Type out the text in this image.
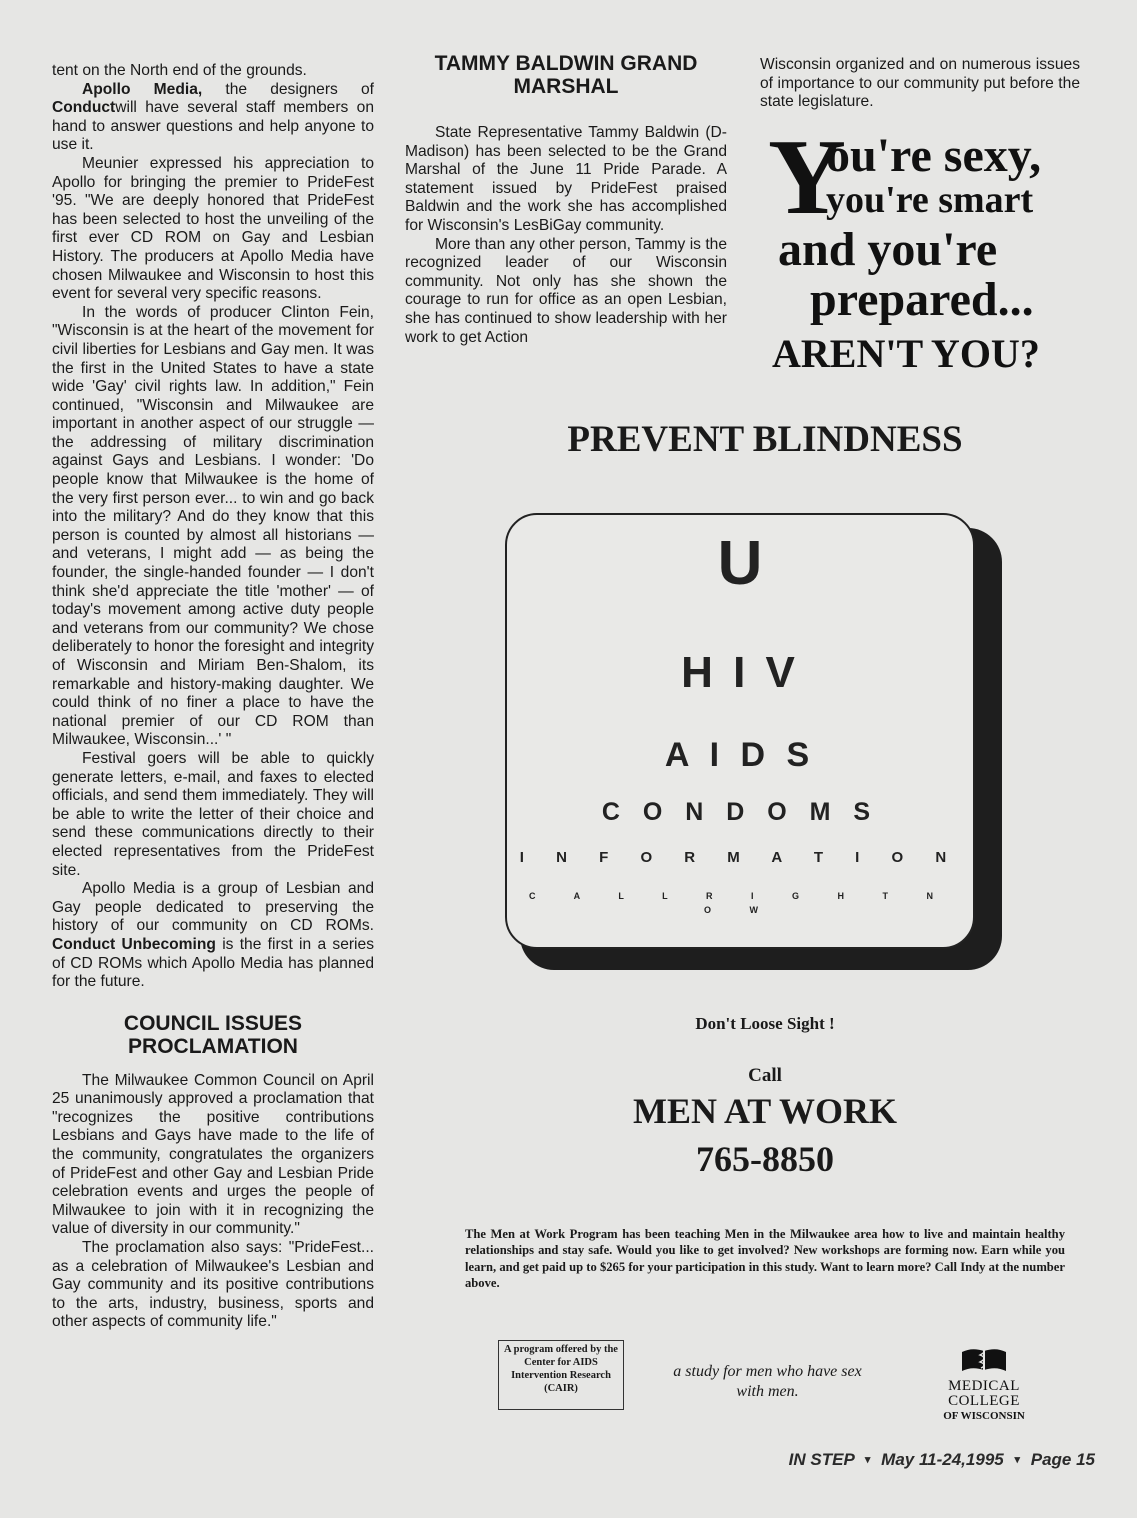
tent on the North end of the grounds.

Apollo Media, the designers of Conductwill have several staff members on hand to answer questions and help anyone to use it.

Meunier expressed his appreciation to Apollo for bringing the premier to PrideFest '95. "We are deeply honored that PrideFest has been selected to host the unveiling of the first ever CD ROM on Gay and Lesbian History. The producers at Apollo Media have chosen Milwaukee and Wisconsin to host this event for several very specific reasons.

In the words of producer Clinton Fein, "Wisconsin is at the heart of the movement for civil liberties for Lesbians and Gay men. It was the first in the United States to have a state wide 'Gay' civil rights law. In addition," Fein continued, "Wisconsin and Milwaukee are important in another aspect of our struggle — the addressing of military discrimination against Gays and Lesbians. I wonder: 'Do people know that Milwaukee is the home of the very first person ever... to win and go back into the military? And do they know that this person is counted by almost all historians — and veterans, I might add — as being the founder, the single-handed founder — I don't think she'd appreciate the title 'mother' — of today's movement among active duty people and veterans from our community? We chose deliberately to honor the foresight and integrity of Wisconsin and Miriam Ben-Shalom, its remarkable and history-making daughter. We could think of no finer a place to have the national premier of our CD ROM than Milwaukee, Wisconsin...' "

Festival goers will be able to quickly generate letters, e-mail, and faxes to elected officials, and send them immediately. They will be able to write the letter of their choice and send these communications directly to their elected representatives from the PrideFest site.

Apollo Media is a group of Lesbian and Gay people dedicated to preserving the history of our community on CD ROMs. Conduct Unbecoming is the first in a series of CD ROMs which Apollo Media has planned for the future.

COUNCIL ISSUES PROCLAMATION

The Milwaukee Common Council on April 25 unanimously approved a proclamation that "recognizes the positive contributions Lesbians and Gays have made to the life of the community, congratulates the organizers of PrideFest and other Gay and Lesbian Pride celebration events and urges the people of Milwaukee to join with it in recognizing the value of diversity in our community."

The proclamation also says: "PrideFest... as a celebration of Milwaukee's Lesbian and Gay community and its positive contributions to the arts, industry, business, sports and other aspects of community life."

TAMMY BALDWIN GRAND MARSHAL

State Representative Tammy Baldwin (D-Madison) has been selected to be the Grand Marshal of the June 11 Pride Parade. A statement issued by PrideFest praised Baldwin and the work she has accomplished for Wisconsin's LesBiGay community.

More than any other person, Tammy is the recognized leader of our Wisconsin community. Not only has she shown the courage to run for office as an open Lesbian, she has continued to show leadership with her work to get Action

Wisconsin organized and on numerous issues of importance to our community put before the state legislature.

Y
ou're sexy,
you're smart
and you're
prepared...
AREN'T YOU?
PREVENT BLINDNESS
U
H I V
A I D S
C O N D O M S
I N F O R M A T I O N
C A L L R I G H T N O W
Don't Loose Sight !
Call
MEN AT WORK
765-8850
The Men at Work Program has been teaching Men in the Milwaukee area how to live and maintain healthy relationships and stay safe. Would you like to get involved? New workshops are forming now. Earn while you learn, and get paid up to $265 for your participation in this study. Want to learn more? Call Indy at the number above.
A program offered by the Center for AIDS Intervention Research (CAIR)
a study for men who have sex with men.	MEDICAL
COLLEGE
OF WISCONSIN
IN STEP ▾ May 11-24,1995 ▾ Page 15
